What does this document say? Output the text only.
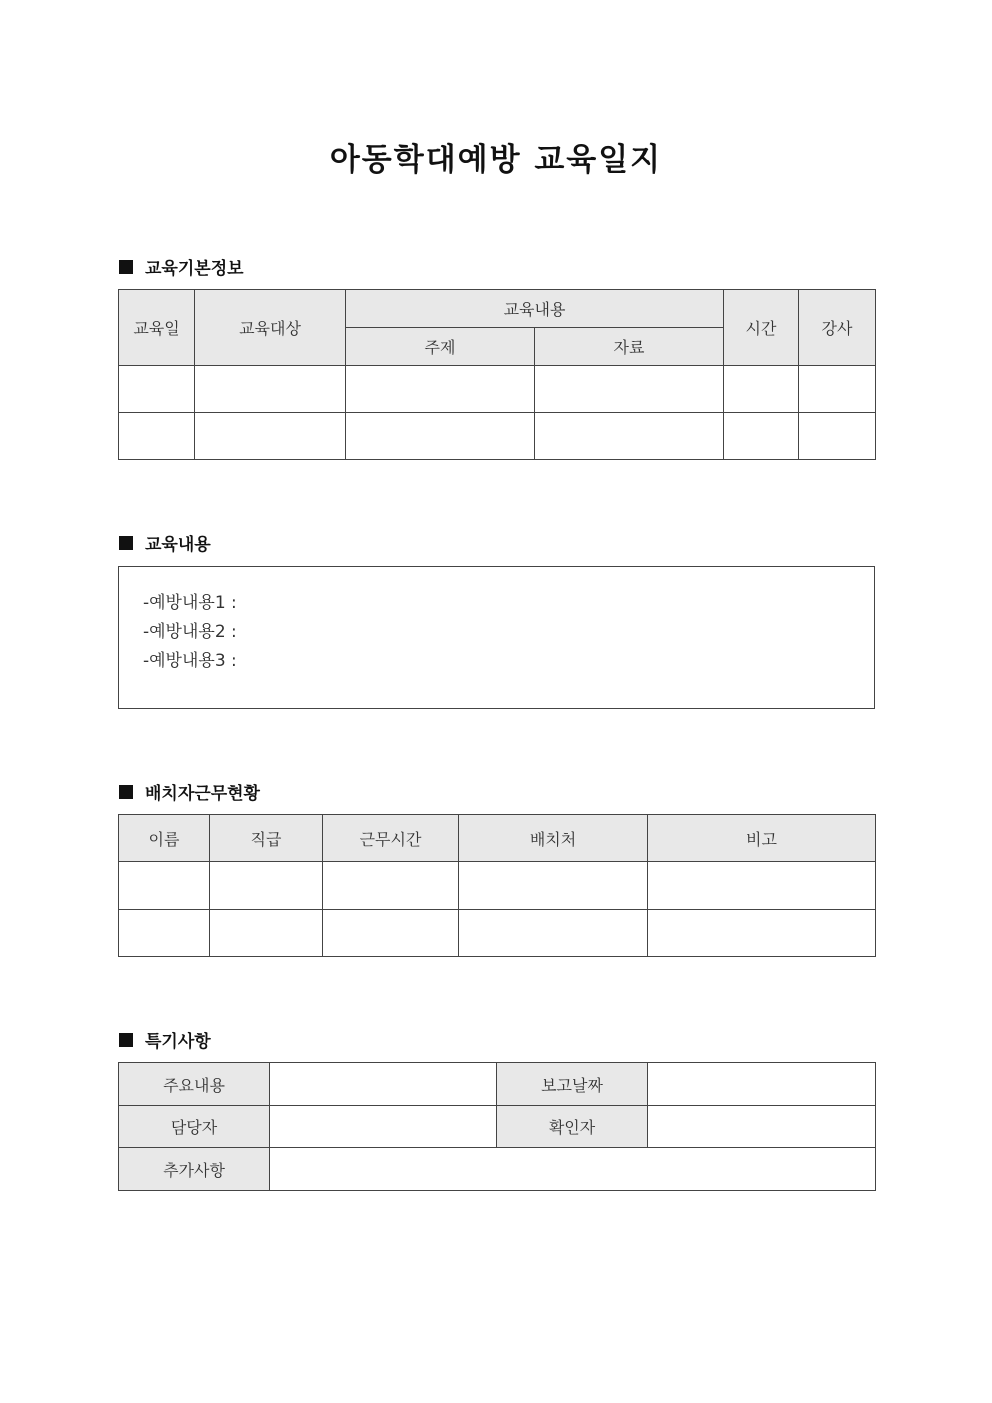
아동학대예방 교육일지
교육기본정보
교육일	교육대상	교육내용		시간	강사
		주제	자료		

교육내용
-예방내용1 :
-예방내용2 :
-예방내용3 :
배치자근무현황
이름	직급	근무시간	배치처	비고

특기사항
주요내용		보고날짜	
담당자		확인자	
추가사항			
